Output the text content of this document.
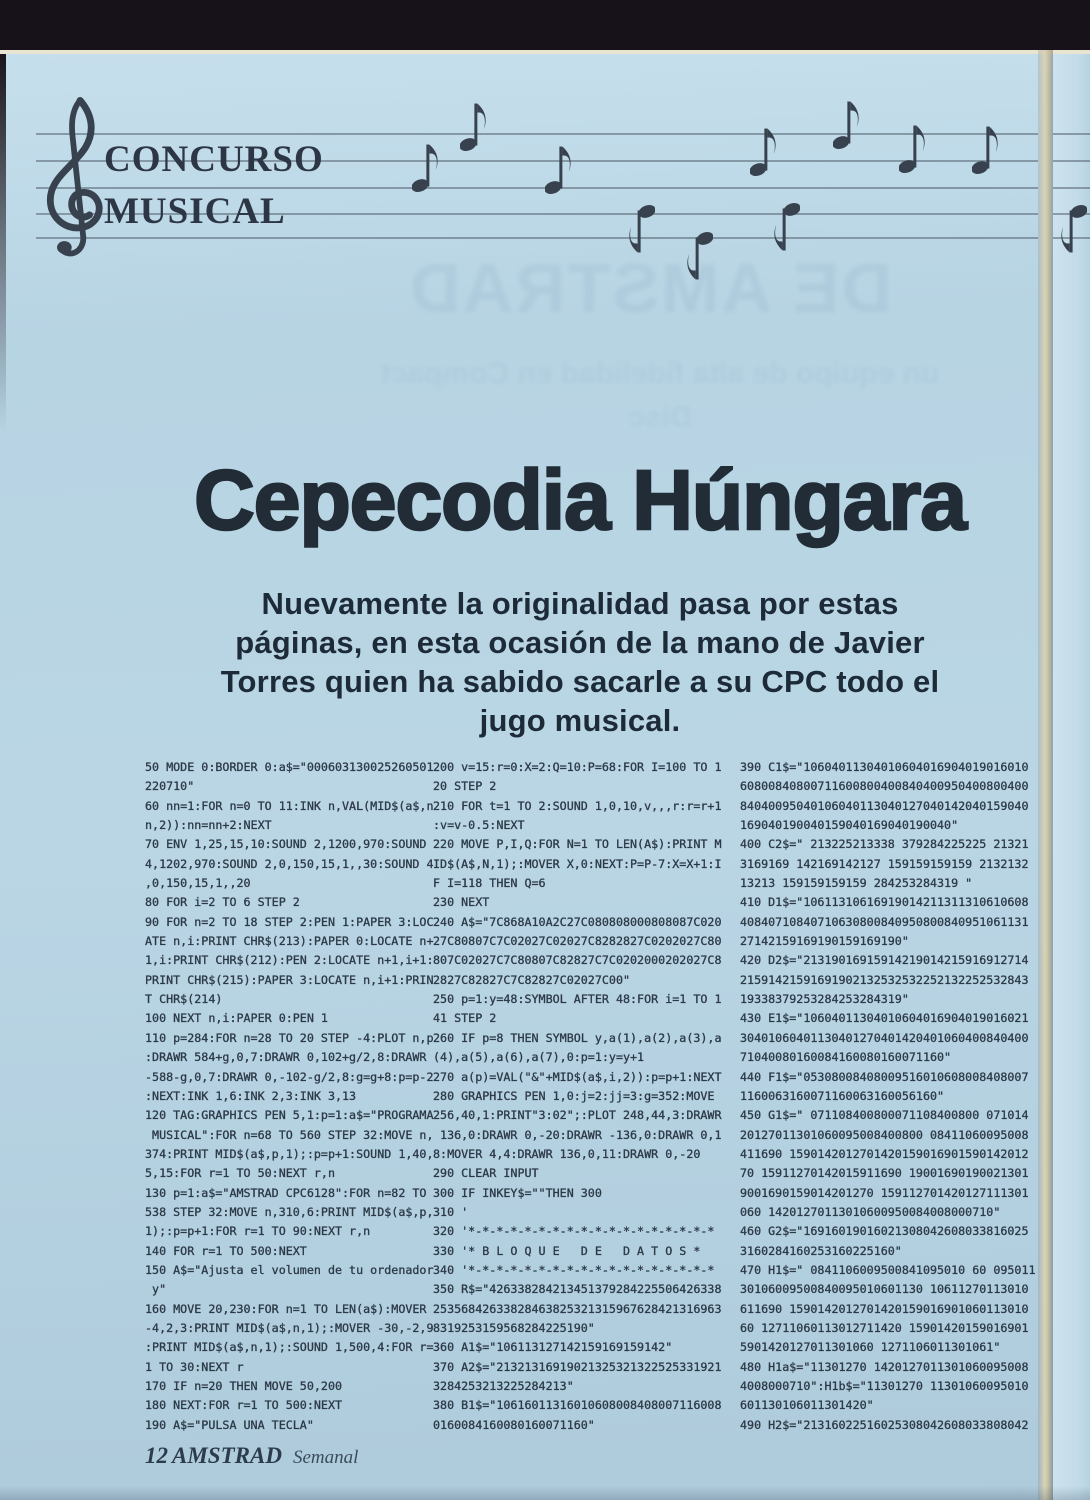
DE AMSTRAD
un equipo de alta fidelidad en Compact Disc
CONCURSO
MUSICAL
Cepecodia Húngara
Nuevamente la originalidad pasa por estas
páginas, en esta ocasión de la mano de Javier
Torres quien ha sabido sacarle a su CPC todo el
jugo musical.
50 MODE 0:BORDER 0:a$="000603130025260501
220710"
60 nn=1:FOR n=0 TO 11:INK n,VAL(MID$(a$,n
n,2)):nn=nn+2:NEXT
70 ENV 1,25,15,10:SOUND 2,1200,970:SOUND
4,1202,970:SOUND 2,0,150,15,1,,30:SOUND 4
,0,150,15,1,,20
80 FOR i=2 TO 6 STEP 2
90 FOR n=2 TO 18 STEP 2:PEN 1:PAPER 3:LOC
ATE n,i:PRINT CHR$(213):PAPER 0:LOCATE n+
1,i:PRINT CHR$(212):PEN 2:LOCATE n+1,i+1:
PRINT CHR$(215):PAPER 3:LOCATE n,i+1:PRIN
T CHR$(214)
100 NEXT n,i:PAPER 0:PEN 1
110 p=284:FOR n=28 TO 20 STEP -4:PLOT n,p
:DRAWR 584+g,0,7:DRAWR 0,102+g/2,8:DRAWR
-588-g,0,7:DRAWR 0,-102-g/2,8:g=g+8:p=p-2
:NEXT:INK 1,6:INK 2,3:INK 3,13
120 TAG:GRAPHICS PEN 5,1:p=1:a$="PROGRAMA
MUSICAL":FOR n=68 TO 560 STEP 32:MOVE n,
374:PRINT MID$(a$,p,1);:p=p+1:SOUND 1,40,
5,15:FOR r=1 TO 50:NEXT r,n
130 p=1:a$="AMSTRAD CPC6128":FOR n=82 TO
538 STEP 32:MOVE n,310,6:PRINT MID$(a$,p,
1);:p=p+1:FOR r=1 TO 90:NEXT r,n
140 FOR r=1 TO 500:NEXT
150 A$="Ajusta el volumen de tu ordenador
y"
160 MOVE 20,230:FOR n=1 TO LEN(a$):MOVER
-4,2,3:PRINT MID$(a$,n,1);:MOVER -30,-2,9
:PRINT MID$(a$,n,1);:SOUND 1,500,4:FOR r=
1 TO 30:NEXT r
170 IF n=20 THEN MOVE 50,200
180 NEXT:FOR r=1 TO 500:NEXT
190 A$="PULSA UNA TECLA"
200 v=15:r=0:X=2:Q=10:P=68:FOR I=100 TO 1
20 STEP 2
210 FOR t=1 TO 2:SOUND 1,0,10,v,,,r:r=r+1
:v=v-0.5:NEXT
220 MOVE P,I,Q:FOR N=1 TO LEN(A$):PRINT M
ID$(A$,N,1);:MOVER X,0:NEXT:P=P-7:X=X+1:I
F I=118 THEN Q=6
230 NEXT
240 A$="7C868A10A2C27C080808000808087C020
27C80807C7C02027C02027C8282827C0202027C80
807C02027C7C80807C82827C7C0202000202027C8
2827C82827C7C82827C02027C00"
250 p=1:y=48:SYMBOL AFTER 48:FOR i=1 TO 1
41 STEP 2
260 IF p=8 THEN SYMBOL y,a(1),a(2),a(3),a
(4),a(5),a(6),a(7),0:p=1:y=y+1
270 a(p)=VAL("&"+MID$(a$,i,2)):p=p+1:NEXT
280 GRAPHICS PEN 1,0:j=2:jj=3:g=352:MOVE
256,40,1:PRINT"3:02";:PLOT 248,44,3:DRAWR
136,0:DRAWR 0,-20:DRAWR -136,0:DRAWR 0,1
8:MOVER 4,4:DRAWR 136,0,11:DRAWR 0,-20
290 CLEAR INPUT
300 IF INKEY$=""THEN 300
310 '
320 '*-*-*-*-*-*-*-*-*-*-*-*-*-*-*-*-*-*
330 '* B L O Q U E   D E   D A T O S *
340 '*-*-*-*-*-*-*-*-*-*-*-*-*-*-*-*-*-*
350 R$="426338284213451379284225506426338
25356842633828463825321315967628421316963
8319253159568284225190"
360 A1$="106113127142159169159142"
370 A2$="21321316919021325321322525331921
3284253213225284213"
380 B1$="10616011316010608008408007116008
0160084160080160071160"
390 C1$="10604011304010604016904019016010
60800840800711600800400840400950400800400
84040095040106040113040127040142040159040
169040190040159040169040190040"
400 C2$=" 213225213338 379284225225 21321
3169169 142169142127 159159159159 2132132
13213 159159159159 284253284319 "
410 D1$="10611310616919014211311310610608
40840710840710630800840950800840951061131
27142159169190159169190"
420 D2$="21319016915914219014215916912714
21591421591691902132532532252132252532843
19338379253284253284319"
430 E1$="10604011304010604016904019016021
30401060401130401270401420401060400840400
71040080160084160080160071160"
440 F1$="05308008408009516010608008408007
1160063160071160063160056160"
450 G1$=" 071108400800071108400800 071014
20127011301060095008400800 08411060095008
411690 1590142012701420159016901590142012
70 15911270142015911690 19001690190021301
9001690159014201270 159112701420127111301
060 14201270113010600950084008000710"
460 G2$="16916019016021308042608033816025
3160284160253160225160"
470 H1$=" 0841106009500841095010 60 095011
30106009500840095010601130 10611270113010
611690 1590142012701420159016901060113010
60 12711060113012711420 15901420159016901
5901420127011301060 1271106011301061"
480 H1a$="11301270 1420127011301060095008
4008000710":H1b$="11301270 11301060095010
601130106011301420"
490 H2$="21316022516025308042608033808042
12 AMSTRAD Semanal
